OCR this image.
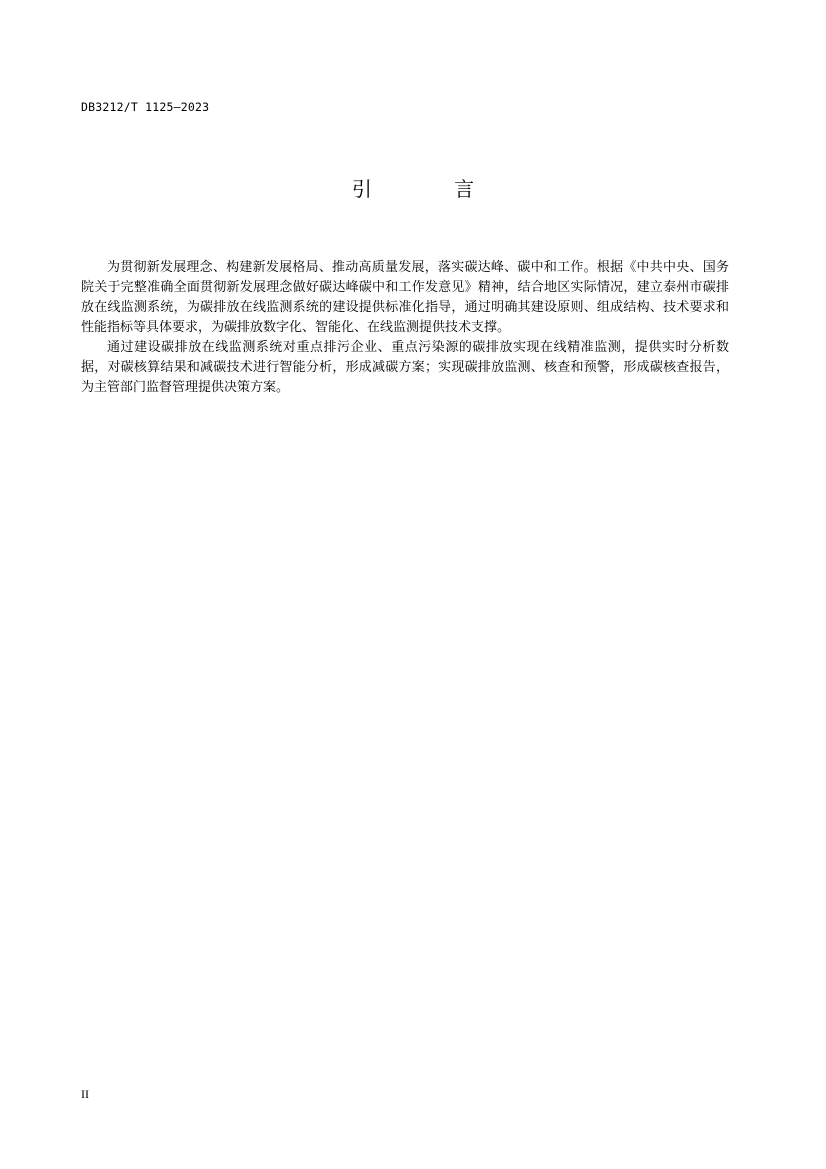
DB3212/T 1125—2023
引 言

为贯彻新发展理念、构建新发展格局、推动高质量发展，落实碳达峰、碳中和工作。根据《中共中央、国务院关于完整准确全面贯彻新发展理念做好碳达峰碳中和工作发意见》精神，结合地区实际情况，建立泰州市碳排放在线监测系统，为碳排放在线监测系统的建设提供标准化指导，通过明确其建设原则、组成结构、技术要求和性能指标等具体要求，为碳排放数字化、智能化、在线监测提供技术支撑。

通过建设碳排放在线监测系统对重点排污企业、重点污染源的碳排放实现在线精准监测，提供实时分析数据，对碳核算结果和减碳技术进行智能分析，形成减碳方案；实现碳排放监测、核查和预警，形成碳核查报告，为主管部门监督管理提供决策方案。

II
